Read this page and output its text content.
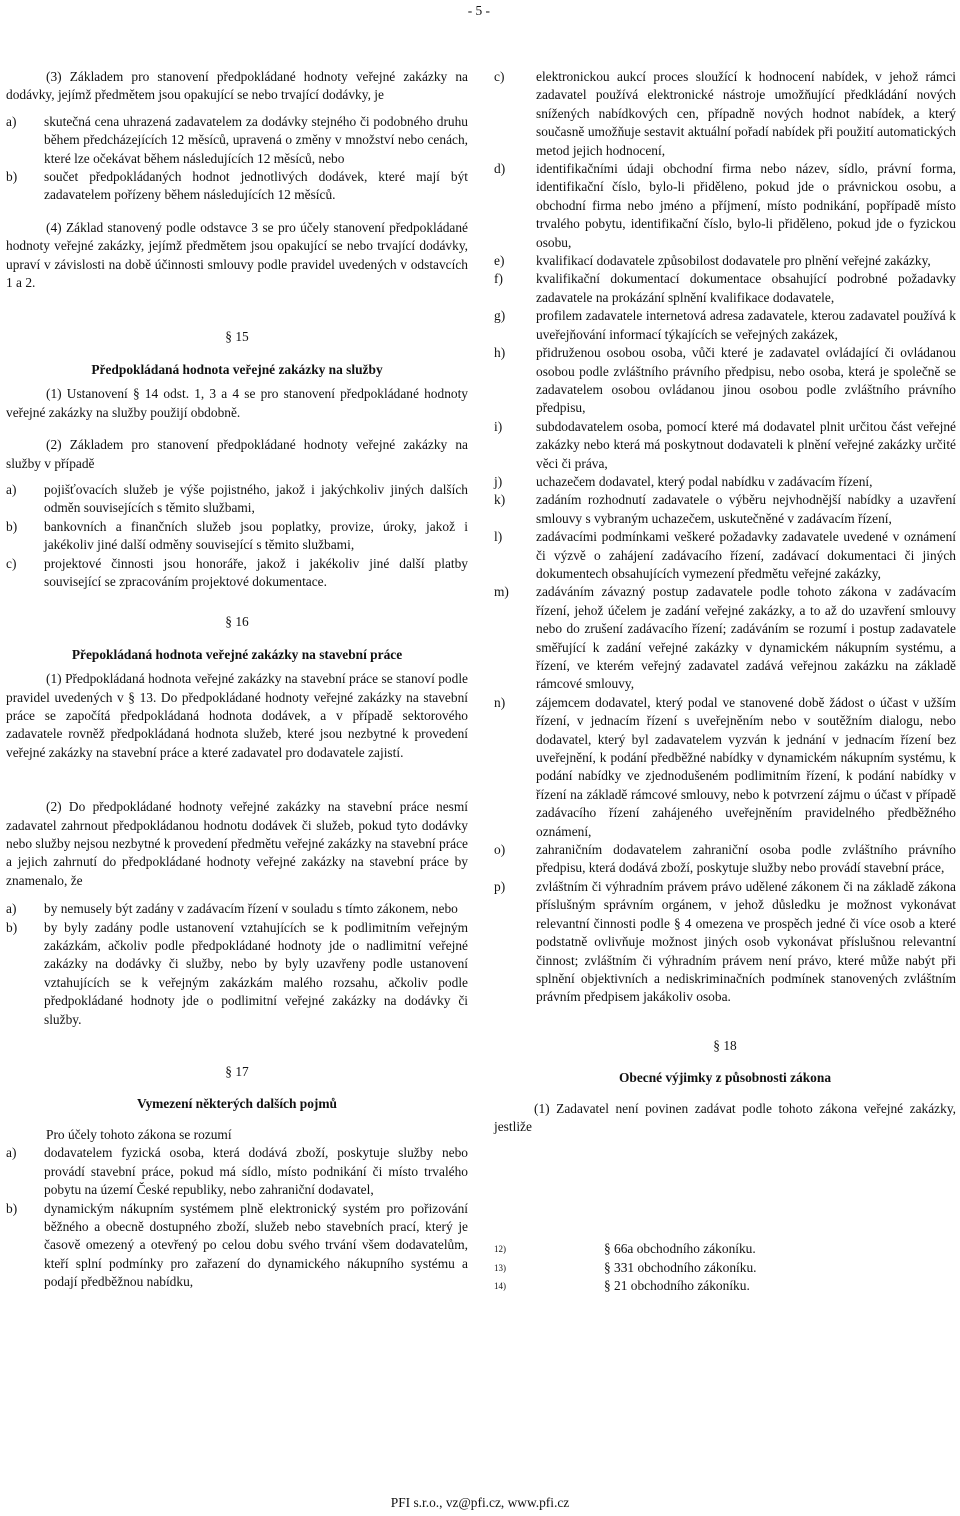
- 5 -

(3) Základem pro stanovení předpokládané hodnoty veřejné zakázky na dodávky, jejímž předmětem jsou opakující se nebo trvající dodávky, je

a)	skutečná cena uhrazená zadavatelem za dodávky stejného či podobného druhu během předcházejících 12 měsíců, upravená o změny v množství nebo cenách, které lze očekávat během následujících 12 měsíců, nebo
b)	součet předpokládaných hodnot jednotlivých dodávek, které mají být zadavatelem pořízeny během následujících 12 měsíců.

(4) Základ stanovený podle odstavce 3 se pro účely stanovení předpokládané hodnoty veřejné zakázky, jejímž předmětem jsou opakující se nebo trvající dodávky, upraví v závislosti na době účinnosti smlouvy podle pravidel uvedených v odstavcích 1 a 2.

§ 15
Předpokládaná hodnota veřejné zakázky na služby

(1) Ustanovení § 14 odst. 1, 3 a 4 se pro stanovení předpokládané hodnoty veřejné zakázky na služby použijí obdobně.

(2) Základem pro stanovení předpokládané hodnoty veřejné zakázky na služby v případě

a)	pojišťovacích služeb je výše pojistného, jakož i jakýchkoliv jiných dalších odměn souvisejících s těmito službami,
b)	bankovních a finančních služeb jsou poplatky, provize, úroky, jakož i jakékoliv jiné další odměny související s těmito službami,
c)	projektové činnosti jsou honoráře, jakož i jakékoliv jiné další platby související se zpracováním projektové dokumentace.
§ 16
Přepokládaná hodnota veřejné zakázky na stavební práce

(1) Předpokládaná hodnota veřejné zakázky na stavební práce se stanoví podle pravidel uvedených v § 13. Do předpokládané hodnoty veřejné zakázky na stavební práce se započítá předpokládaná hodnota dodávek, a v případě sektorového zadavatele rovněž předpokládaná hodnota služeb, které jsou nezbytné k provedení veřejné zakázky na stavební práce a které zadavatel pro dodavatele zajistí.

(2) Do předpokládané hodnoty veřejné zakázky na stavební práce nesmí zadavatel zahrnout předpokládanou hodnotu dodávek či služeb, pokud tyto dodávky nebo služby nejsou nezbytné k provedení předmětu veřejné zakázky na stavební práce a jejich zahrnutí do předpokládané hodnoty veřejné zakázky na stavební práce by znamenalo, že

a)	by nemusely být zadány v zadávacím řízení v souladu s tímto zákonem, nebo
b)	by byly zadány podle ustanovení vztahujících se k podlimitním veřejným zakázkám, ačkoliv podle předpokládané hodnoty jde o nadlimitní veřejné zakázky na dodávky či služby, nebo by byly uzavřeny podle ustanovení vztahujících se k veřejným zakázkám malého rozsahu, ačkoliv podle předpokládané hodnoty jde o podlimitní veřejné zakázky na dodávky či služby.
§ 17
Vymezení některých dalších pojmů

Pro účely tohoto zákona se rozumí

a)	dodavatelem fyzická osoba, která dodává zboží, poskytuje služby nebo provádí stavební práce, pokud má sídlo, místo podnikání či místo trvalého pobytu na území České republiky, nebo zahraniční dodavatel,
b)	dynamickým nákupním systémem plně elektronický systém pro pořizování běžného a obecně dostupného zboží, služeb nebo stavebních prací, který je časově omezený a otevřený po celou dobu svého trvání všem dodavatelům, kteří splní podmínky pro zařazení do dynamického nákupního systému a podají předběžnou nabídku,
c)	elektronickou aukcí proces sloužící k hodnocení nabídek, v jehož rámci zadavatel používá elektronické nástroje umožňující předkládání nových snížených nabídkových cen, případně nových hodnot nabídek, a který současně umožňuje sestavit aktuální pořadí nabídek při použití automatických metod jejich hodnocení,
d)	identifikačními údaji obchodní firma nebo název, sídlo, právní forma, identifikační číslo, bylo-li přiděleno, pokud jde o právnickou osobu, a obchodní firma nebo jméno a příjmení, místo podnikání, popřípadě místo trvalého pobytu, identifikační číslo, bylo-li přiděleno, pokud jde o fyzickou osobu,
e)	kvalifikací dodavatele způsobilost dodavatele pro plnění veřejné zakázky,
f)	kvalifikační dokumentací dokumentace obsahující podrobné požadavky zadavatele na prokázání splnění kvalifikace dodavatele,
g)	profilem zadavatele internetová adresa zadavatele, kterou zadavatel používá k uveřejňování informací týkajících se veřejných zakázek,
h)	přidruženou osobou osoba, vůči které je zadavatel ovládající či ovládanou osobou podle zvláštního právního předpisu, nebo osoba, která je společně se zadavatelem osobou ovládanou jinou osobou podle zvláštního právního předpisu,
i)	subdodavatelem osoba, pomocí které má dodavatel plnit určitou část veřejné zakázky nebo která má poskytnout dodavateli k plnění veřejné zakázky určité věci či práva,
j)	uchazečem dodavatel, který podal nabídku v zadávacím řízení,
k)	zadáním rozhodnutí zadavatele o výběru nejvhodnější nabídky a uzavření smlouvy s vybraným uchazečem, uskutečněné v zadávacím řízení,
l)	zadávacími podmínkami veškeré požadavky zadavatele uvedené v oznámení či výzvě o zahájení zadávacího řízení, zadávací dokumentaci či jiných dokumentech obsahujících vymezení předmětu veřejné zakázky,
m)	zadáváním závazný postup zadavatele podle tohoto zákona v zadávacím řízení, jehož účelem je zadání veřejné zakázky, a to až do uzavření smlouvy nebo do zrušení zadávacího řízení; zadáváním se rozumí i postup zadavatele směřující k zadání veřejné zakázky v dynamickém nákupním systému, a řízení, ve kterém veřejný zadavatel zadává veřejnou zakázku na základě rámcové smlouvy,
n)	zájemcem dodavatel, který podal ve stanovené době žádost o účast v užším řízení, v jednacím řízení s uveřejněním nebo v soutěžním dialogu, nebo dodavatel, který byl zadavatelem vyzván k jednání v jednacím řízení bez uveřejnění, k podání předběžné nabídky v dynamickém nákupním systému, k podání nabídky ve zjednodušeném podlimitním řízení, k podání nabídky v řízení na základě rámcové smlouvy, nebo k potvrzení zájmu o účast v případě zadávacího řízení zahájeného uveřejněním pravidelného předběžného oznámení,
o)	zahraničním dodavatelem zahraniční osoba podle zvláštního právního předpisu, která dodává zboží, poskytuje služby nebo provádí stavební práce,
p)	zvláštním či výhradním právem právo udělené zákonem či na základě zákona příslušným správním orgánem, v jehož důsledku je možnost vykonávat relevantní činnosti podle § 4 omezena ve prospěch jedné či více osob a které podstatně ovlivňuje možnost jiných osob vykonávat příslušnou relevantní činnost; zvláštním či výhradním právem není právo, které může nabýt při splnění objektivních a nediskriminačních podmínek stanovených zvláštním právním předpisem jakákoliv osoba.
§ 18
Obecné výjimky z působnosti zákona

(1) Zadavatel není povinen zadávat podle tohoto zákona veřejné zakázky, jestliže

12)	§ 66a obchodního zákoníku.
13)	§ 331 obchodního zákoníku.
14)	§ 21 obchodního zákoníku.
PFI s.r.o., vz@pfi.cz, www.pfi.cz
